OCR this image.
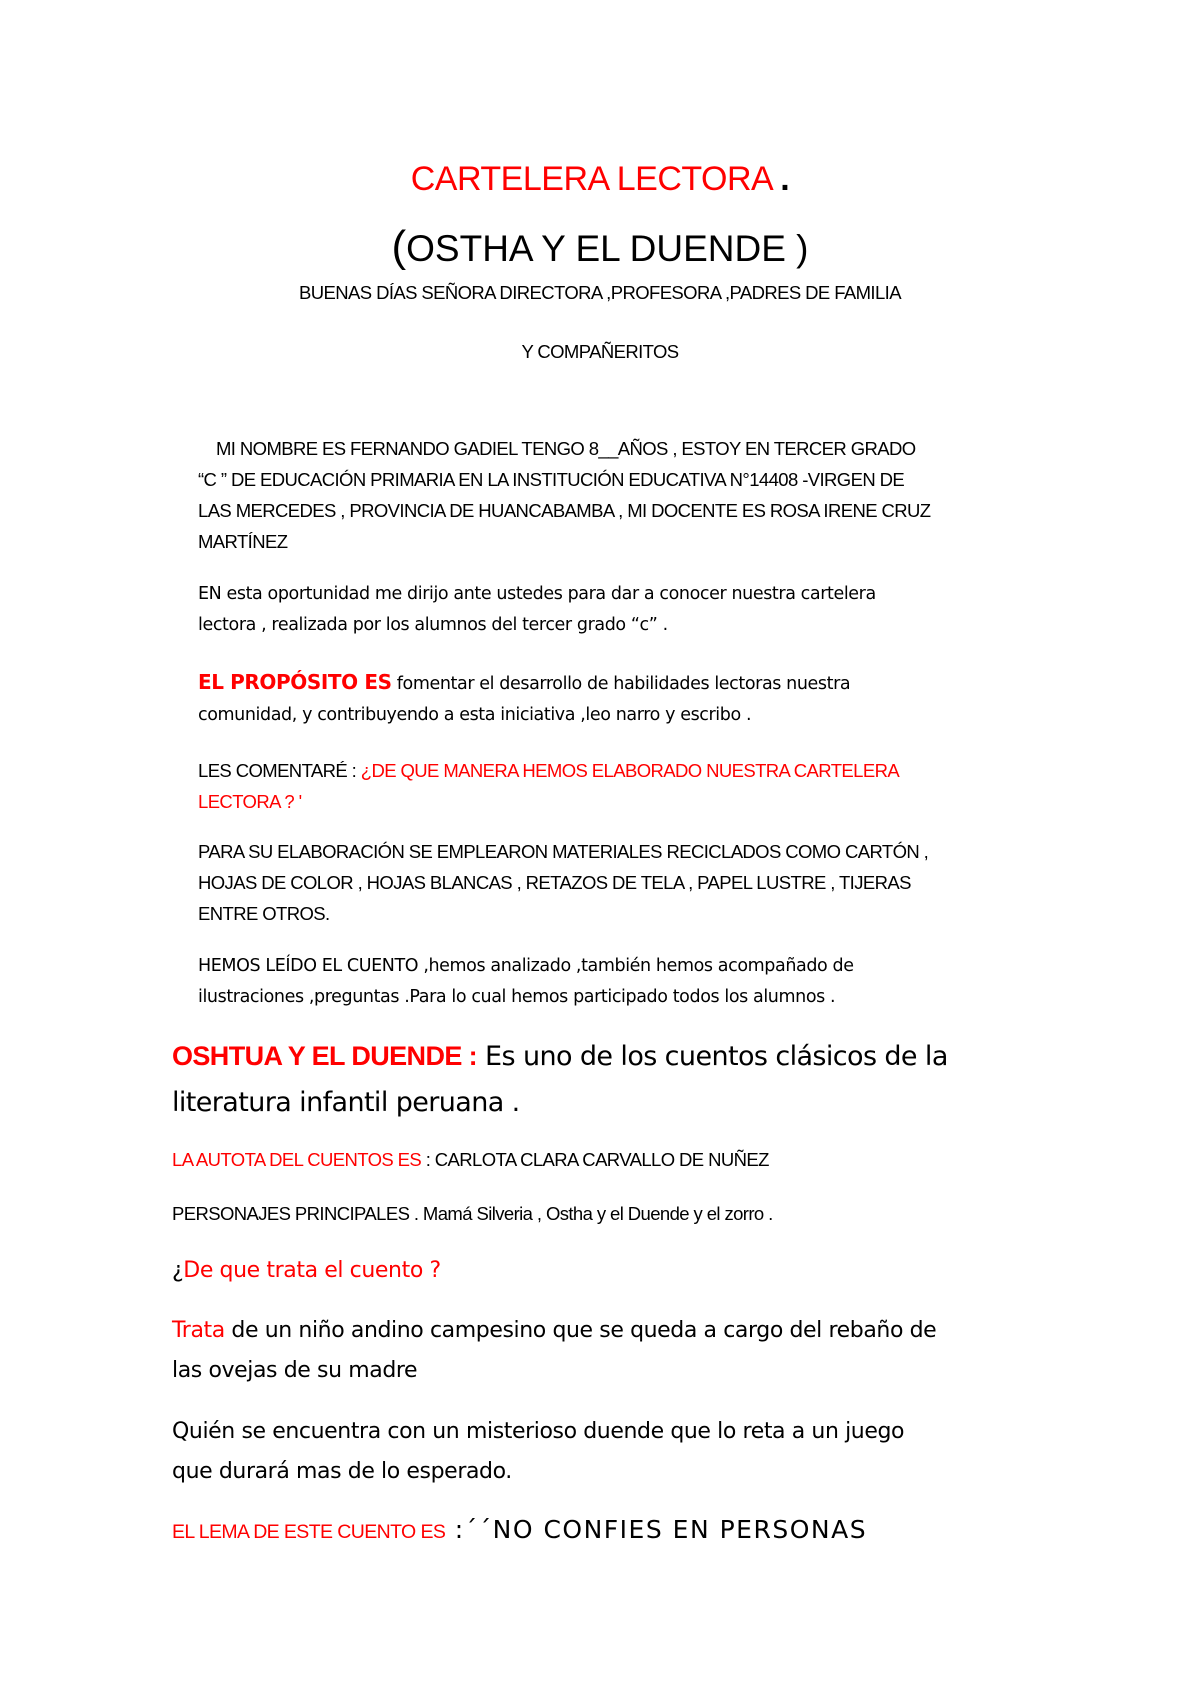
CARTELERA LECTORA .
(OSTHA Y EL DUENDE )
BUENAS DÍAS SEÑORA DIRECTORA ,PROFESORA ,PADRES DE FAMILIA
Y COMPAÑERITOS
MI NOMBRE ES FERNANDO GADIEL TENGO 8__AÑOS , ESTOY EN TERCER GRADO
“C ” DE EDUCACIÓN PRIMARIA EN LA INSTITUCIÓN EDUCATIVA N°14408 -VIRGEN DE
LAS MERCEDES , PROVINCIA DE HUANCABAMBA , MI DOCENTE ES ROSA IRENE CRUZ
MARTÍNEZ
EN esta oportunidad me dirijo ante ustedes para dar a conocer nuestra cartelera
lectora , realizada por los alumnos del tercer grado “c” .
EL PROPÓSITO ES fomentar el desarrollo de habilidades lectoras nuestra
comunidad, y contribuyendo a esta iniciativa ,leo narro y escribo .
LES COMENTARÉ : ¿DE QUE MANERA HEMOS ELABORADO NUESTRA CARTELERA
LECTORA ? '
PARA SU ELABORACIÓN SE EMPLEARON MATERIALES RECICLADOS COMO CARTÓN ,
HOJAS DE COLOR , HOJAS BLANCAS , RETAZOS DE TELA , PAPEL LUSTRE , TIJERAS
ENTRE OTROS.
HEMOS LEÍDO EL CUENTO ,hemos analizado ,también hemos acompañado de
ilustraciones ,preguntas .Para lo cual hemos participado todos los alumnos .
OSHTUA Y EL DUENDE : Es uno de los cuentos clásicos de la
literatura infantil peruana .
LA AUTOTA DEL CUENTOS ES : CARLOTA CLARA CARVALLO DE NUÑEZ
PERSONAJES PRINCIPALES . Mamá Silveria , Ostha y el Duende y el zorro .
¿De que trata el cuento ?
Trata de un niño andino campesino que se queda a cargo del rebaño de
las ovejas de su madre
Quién se encuentra con un misterioso duende que lo reta a un juego
que durará mas de lo esperado.
EL LEMA DE ESTE CUENTO ES :´´NO CONFIES EN PERSONAS
